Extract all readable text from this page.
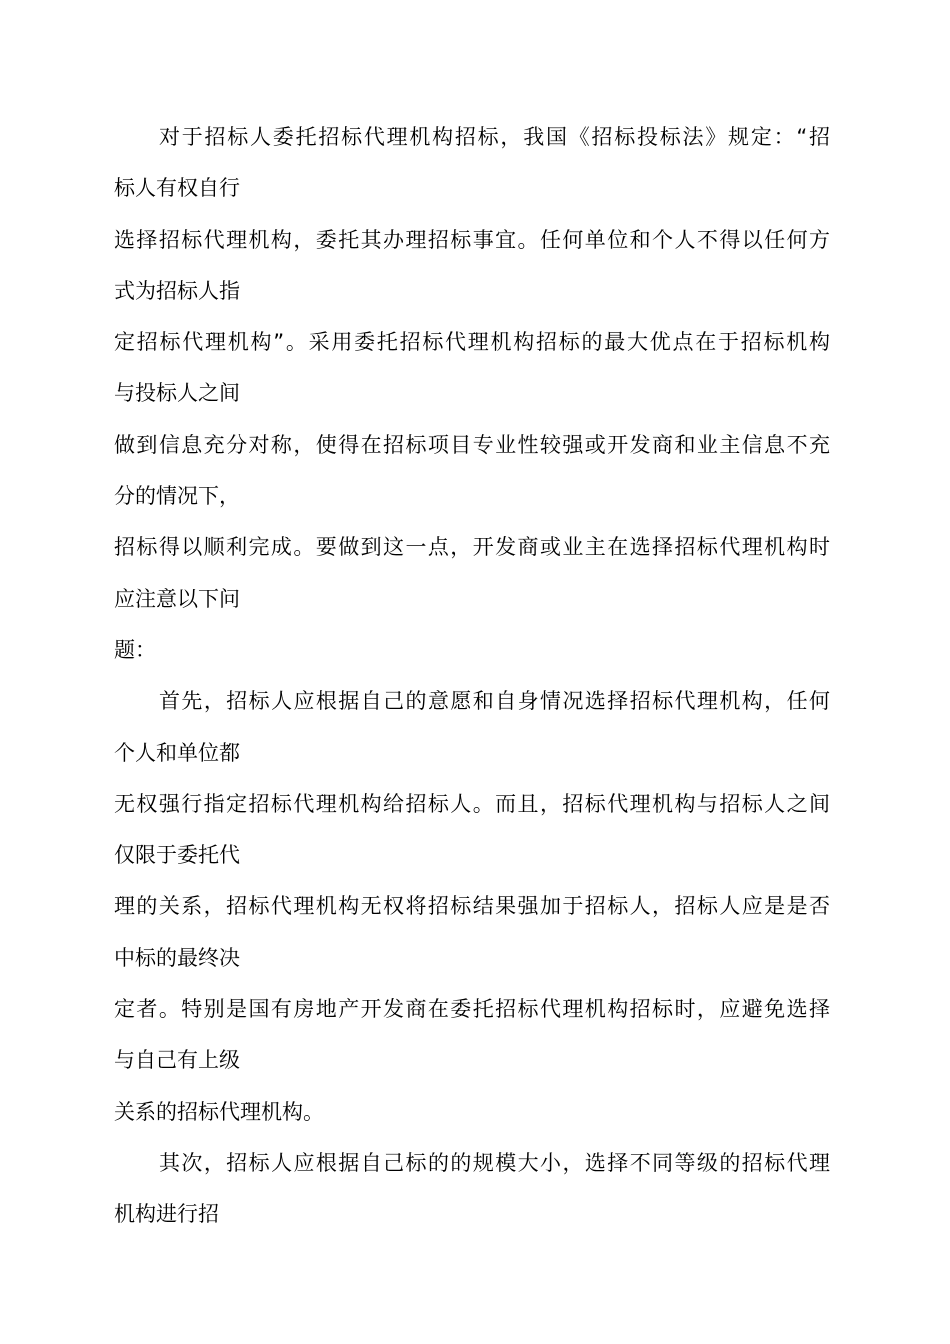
对于招标人委托招标代理机构招标，我国《招标投标法》规定：“招
标人有权自行
选择招标代理机构，委托其办理招标事宜。任何单位和个人不得以任何方
式为招标人指
定招标代理机构”。采用委托招标代理机构招标的最大优点在于招标机构
与投标人之间
做到信息充分对称，使得在招标项目专业性较强或开发商和业主信息不充
分的情况下，
招标得以顺利完成。要做到这一点，开发商或业主在选择招标代理机构时
应注意以下问
题：
首先，招标人应根据自己的意愿和自身情况选择招标代理机构，任何
个人和单位都
无权强行指定招标代理机构给招标人。而且，招标代理机构与招标人之间
仅限于委托代
理的关系，招标代理机构无权将招标结果强加于招标人，招标人应是是否
中标的最终决
定者。特别是国有房地产开发商在委托招标代理机构招标时，应避免选择
与自己有上级
关系的招标代理机构。
其次，招标人应根据自己标的的规模大小，选择不同等级的招标代理
机构进行招
